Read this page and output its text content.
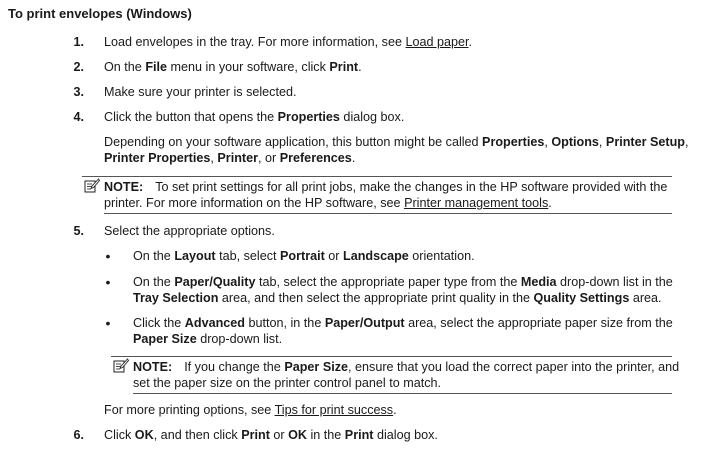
To print envelopes (Windows)
1. Load envelopes in the tray. For more information, see Load paper.
2. On the File menu in your software, click Print.
3. Make sure your printer is selected.
4. Click the button that opens the Properties dialog box.
Depending on your software application, this button might be called Properties, Options, Printer Setup,
Printer Properties, Printer, or Preferences.
NOTE: To set print settings for all print jobs, make the changes in the HP software provided with the
printer. For more information on the HP software, see Printer management tools.
5. Select the appropriate options.
• On the Layout tab, select Portrait or Landscape orientation.
• On the Paper/Quality tab, select the appropriate paper type from the Media drop-down list in the
Tray Selection area, and then select the appropriate print quality in the Quality Settings area.
• Click the Advanced button, in the Paper/Output area, select the appropriate paper size from the
Paper Size drop-down list.
NOTE: If you change the Paper Size, ensure that you load the correct paper into the printer, and
set the paper size on the printer control panel to match.
For more printing options, see Tips for print success.
6. Click OK, and then click Print or OK in the Print dialog box.
